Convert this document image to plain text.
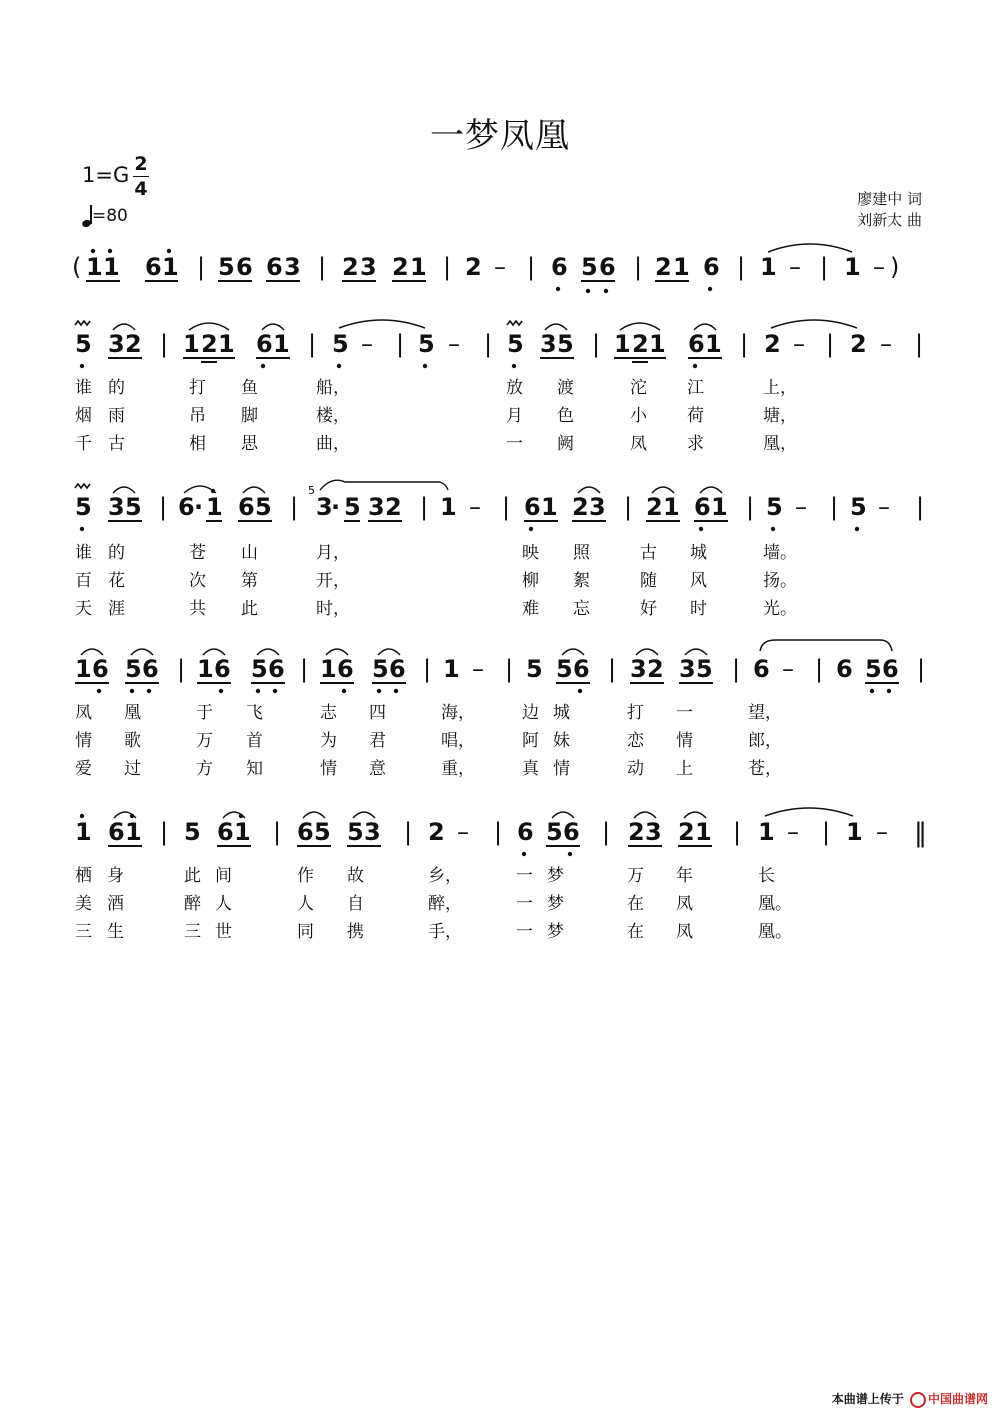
一梦凤凰
1=G 2
4
=80
廖建中 词
刘新太 曲
( 1 1 6 1 | 5 6 6 3 | 2 3 2 1 | 2 – | 6 5 6 | 2 1 6 | 1 – | 1 – )
5 3 2 | 1 2 1 6 1 | 5 – | 5 – | 5 3 5 | 1 2 1 6 1 | 2 – | 2 – |
5 3 5 | 6 · 1 6 5 |
5
3
· 5 3 2 | 1 – | 6 1 2 3 | 2 1 6 1 | 5 – | 5 – |
1 6 5 6 | 1 6 5 6 | 1 6 5 6 | 1 – | 5 5 6 | 3 2 3 5 | 6 – | 6 5 6 |
1 6 1 | 5 6 1 | 6 5 5 3 | 2 – | 6 5 6 | 2 3 2 1 | 1 – | 1 – ‖
谁 的	打 鱼	船，	放 渡	沱 江	上，
烟 雨	吊 脚	楼，	月 色	小 荷	塘，
千 古	相 思	曲，	一 阙	凤 求	凰，
谁 的	苍 山	月，	映 照	古 城	墙。
百 花	次 第	开，	柳 絮	随 风	扬。
天 涯	共 此	时，	难 忘	好 时	光。
凤 凰	于 飞	志 四	海，	边 城	打 一	望，
情 歌	万 首	为 君	唱，	阿 妹	恋 情	郎，
爱 过	方 知	情 意	重，	真 情	动 上	苍，
栖 身	此 间	作 故	乡，	一 梦	万 年	长
美 酒	醉 人	人 自	醉，	一 梦	在 凤	凰。
三 生	三 世	同 携	手，	一 梦	在 凤	凰。
本曲谱上传于 中国曲谱网
